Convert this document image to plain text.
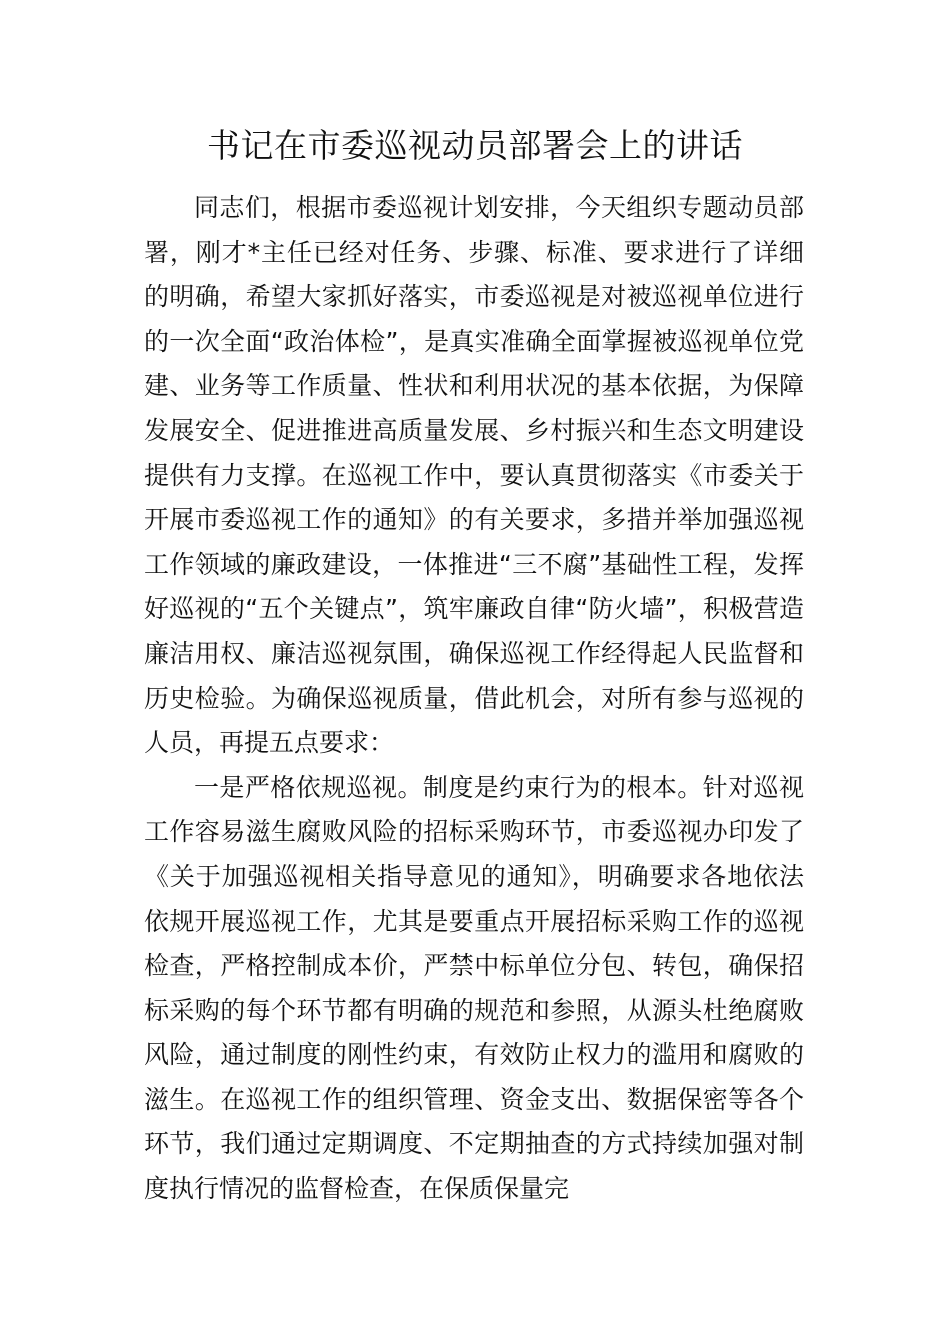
书记在市委巡视动员部署会上的讲话

同志们，根据市委巡视计划安排，今天组织专题动员部署，刚才*主任已经对任务、步骤、标准、要求进行了详细的明确，希望大家抓好落实，市委巡视是对被巡视单位进行的一次全面“政治体检”，是真实准确全面掌握被巡视单位党建、业务等工作质量、性状和利用状况的基本依据，为保障发展安全、促进推进高质量发展、乡村振兴和生态文明建设提供有力支撑。在巡视工作中，要认真贯彻落实《市委关于开展市委巡视工作的通知》的有关要求，多措并举加强巡视工作领域的廉政建设，一体推进“三不腐”基础性工程，发挥好巡视的“五个关键点”，筑牢廉政自律“防火墙”，积极营造廉洁用权、廉洁巡视氛围，确保巡视工作经得起人民监督和历史检验。为确保巡视质量，借此机会，对所有参与巡视的人员，再提五点要求：

一是严格依规巡视。制度是约束行为的根本。针对巡视工作容易滋生腐败风险的招标采购环节，市委巡视办印发了《关于加强巡视相关指导意见的通知》，明确要求各地依法依规开展巡视工作，尤其是要重点开展招标采购工作的巡视检查，严格控制成本价，严禁中标单位分包、转包，确保招标采购的每个环节都有明确的规范和参照，从源头杜绝腐败风险，通过制度的刚性约束，有效防止权力的滥用和腐败的滋生。在巡视工作的组织管理、资金支出、数据保密等各个环节，我们通过定期调度、不定期抽查的方式持续加强对制度执行情况的监督检查，在保质保量完
